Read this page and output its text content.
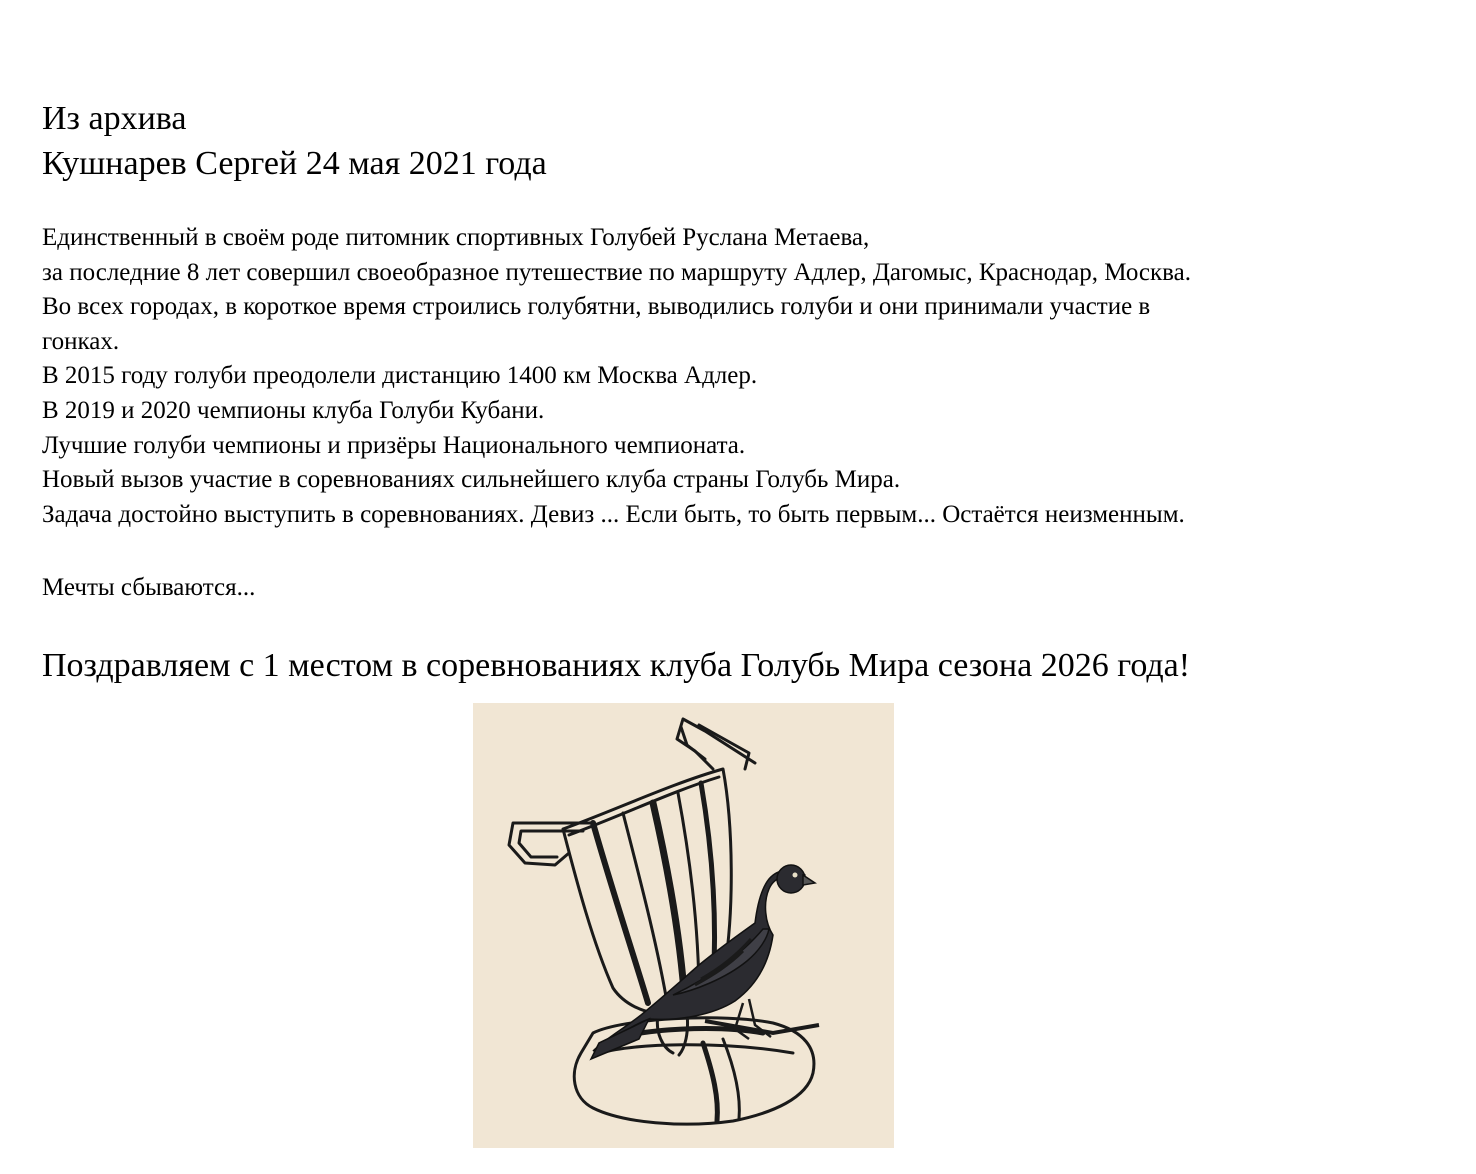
Из архива
Кушнарев Сергей 24 мая 2021 года
Единственный в своём роде питомник спортивных Голубей Руслана Метаева,
за последние 8 лет совершил своеобразное путешествие по маршруту Адлер, Дагомыс, Краснодар, Москва.
Во всех городах, в короткое время строились голубятни, выводились голуби и они принимали участие в
гонках.
В 2015 году голуби преодолели дистанцию 1400 км Москва Адлер.
В 2019 и 2020 чемпионы клуба Голуби Кубани.
Лучшие голуби чемпионы и призёры Национального чемпионата.
Новый вызов участие в соревнованиях сильнейшего клуба страны Голубь Мира.
Задача достойно выступить в соревнованиях. Девиз ... Если быть, то быть первым... Остаётся неизменным.
Мечты сбываются...
Поздравляем с 1 местом в соревнованиях клуба Голубь Мира сезона 2026 года!
